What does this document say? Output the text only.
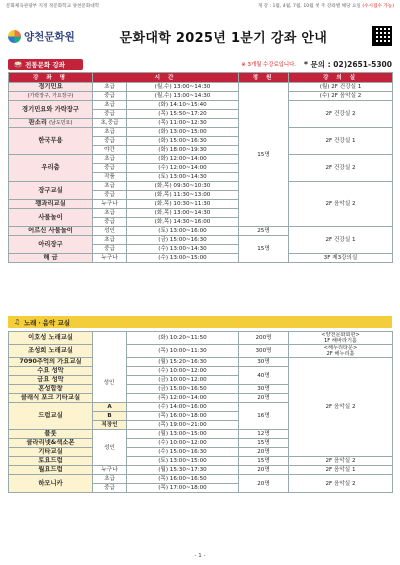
문화체육관광부 지정 정문화학교 양천문화대학	개 강 : 1월, 4월, 7월, 10월 첫 주 강좌별 해당 요일 (수시접수 가능)
양천문화원	문화대학 2025년 1분기 강좌 안내
🥁 전통문화 강좌	※ 3개월 수강료입니다. * 문의 : 02)2651-5300
강 좌 명	시 간		정 원	강 의 실
경기민요	초급	(월,수) 13:00~14:30	15명	(월) 2F 건강실 1
(가락장구, 가요장구)	중급	(월,수) 13:00~14:30		(수) 2F 음악실 2
경기민요와 가락장구	초급	(화) 14:10~15:40		2F 건강실 2
	중급	(목) 15:50~17:20		
판소리 (남도민요)	초,중급	(목) 11:00~12:30		
한국무용	초급	(화) 13:00~15:00		2F 건강실 1
	중급	(화) 15:00~16:30		
	야간	(화) 18:00~19:30		
우리춤	초급	(화) 12:00~14:00		2F 건강실 2
	중급	(수) 12:00~14:00		
	작품	(토) 13:00~14:30		
장구교실	초급	(화,목) 09:30~10:30		2F 음악실 2
	중급	(화,목) 11:30~13:00		
꽹과리교실	누구나	(화,목) 10:30~11:30		
사물놀이	초급	(화,목) 13:00~14:30		
	중급	(화,목) 14:30~16:00		
어르신 사물놀이	성인	(토) 13:00~16:00	25명	2F 건강실 1
아리장구	초급	(금) 15:00~16:30	15명	
	중급	(수) 13:00~14:30		
해 금	누구나	(수) 13:00~15:00		3F 제3강의실
♫ 노래ㆍ음악 교실
이호성 노래교실		(화) 10:20~11:50	200명	<양천문화회관>
1F 해바라기홀	

조성희 노래교실		(목) 10:00~11:30	300명	<해누리타운>
2F 해누리홀	

7090추억의 가요교실		(월) 15:20~16:30	30명	2F 음악실 2	
수요 성악		(수) 10:00~12:00	40명		
금요 성악		(금) 10:00~12:00			
혼성합창		(금) 15:00~16:50	30명		
클래식 포크 기타교실		(목) 12:00~14:00	20명		
드럼교실	A	(수) 14:00~16:00	16명		
	B	(목) 16:00~18:00			
	직장인	(목) 19:00~21:00			
플룻	성인	(월) 13:00~15:00	12명		
클라리넷&색소폰		(수) 10:00~12:00	15명		
기타교실		(수) 15:00~16:30	20명	
토요드럼		(토) 13:00~15:00	15명	2F 음악실 2	
월요드럼	누구나	(월) 15:30~17:30	20명	2F 음악실 1	
하모니카	초급	(목) 16:00~16:50	20명	2F 음악실 2	
	중급	(목) 17:00~18:00			
성인
- 1 -
